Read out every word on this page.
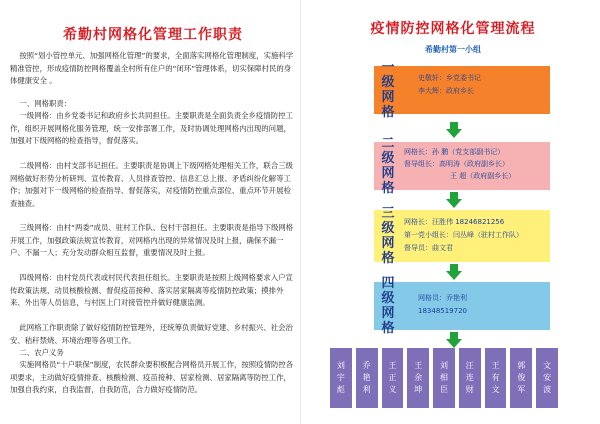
希勤村网格化管理工作职责
按照“划小管控单元、加强网格化管理”的要求，全面落实网格化管理制度，实施科学精准管控，形成疫情防控网格覆盖全村所有住户的“闭环”管理体系，切实保障村民的身体健康安全 。
一、网格职责：
一级网格：由乡党委书记和政府乡长共同担任。主要职责是全面负责全乡疫情防控工作，组织开展网格化服务管理，统一安排部署工作，及时协调处理网格内出现的问题，加强对下级网格的检查指导，督促落实。
二级网格：由村支部书记担任。主要职责是协调上下级网格处理相关工作，联合三级网格做好形势分析研判、宣传教育、人员排查管控、信息汇总上报、矛盾纠纷化解等工作；加强对下一级网格的检查指导、督促落实，对疫情防控重点部位、重点环节开展检查抽查。
三级网格：由村“两委”成员、驻村工作队、包村干部担任。主要职责是指导下级网格开展工作，加强政策法规宣传教育，对网格内出现的异常情况及时上报，确保不漏一户、不漏一人；充分发动群众相互监督，重要情况及时上报。
四级网格：由村党员代表或村民代表担任组长。主要职责是按照上级网格要求入户宣传政策法规、动员核酸检测、督促疫苗接种、落实居家隔离等疫情防控政策；摸排外来、外出等人员信息，与村医上门对接管控并做好健康监测。
此网格工作职责除了做好疫情防控管理外，还统筹负责做好党建、乡村振兴、社会治安、秸秆禁烧、环境治理等各项工作。
二、农户义务
实施网格员“十户联保”制度，农民群众要积极配合网格员开展工作，按照疫情防控各项要求，主动做好疫情排查、核酸检测、疫苗接种、居家检测、居家隔离等防控工作，加强自我约束，自我监督，自我防范，合力做好疫情防范。
疫情防控网格化管理流程
希勤村第一小组
一
级
网
格
史敬轩：乡党委书记
李大辉：政府乡长
二
级
网
格
网格长：孙 鹏（党支部副书记）
督导组长：高明涛（政府副乡长）
王 超（政府副乡长）
三
级
网
格
网格长：汪胜伟 18246821256
第一党小组长：闫丛峰（驻村工作队）
督导员：曲文君
四
级
网
格
网格员：乔艳利
18348519720
刘
宇
彪
乔
艳
利
王
正
义
王
余
坤
刘
相
臣
汪
连
财
王
有
文
郭
俊
军
文
安
波
